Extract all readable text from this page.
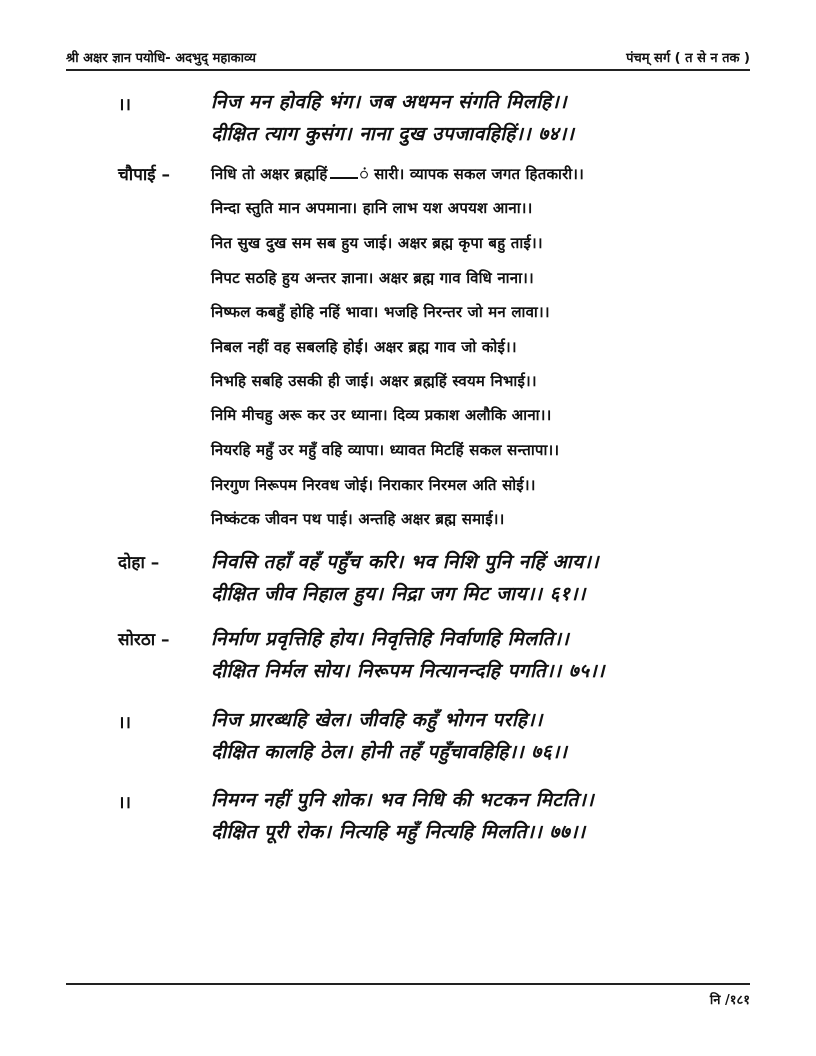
श्री अक्षर ज्ञान पयोधि- अदभुद् महाकाव्य	पंचम् सर्ग ( त से न तक )
।।	निज मन होवहि भंग। जब अधमन संगति मिलहि।।
दीक्षित त्याग कुसंग। नाना दुख उपजावहिहिं।। ७४।।
चौपाई –	निधि तो अक्षर ब्रह्महिं ं सारी। व्यापक सकल जगत हितकारी।।
निन्दा स्तुति मान अपमाना। हानि लाभ यश अपयश आना।।
नित सुख दुख सम सब हुय जाई। अक्षर ब्रह्म कृपा बहु ताई।।
निपट सठहि हुय अन्तर ज्ञाना। अक्षर ब्रह्म गाव विधि नाना।।
निष्फल कबहुँ होहि नहिं भावा। भजहि निरन्तर जो मन लावा।।
निबल नहीं वह सबलहि होई। अक्षर ब्रह्म गाव जो कोई।।
निभहि सबहि उसकी ही जाई। अक्षर ब्रह्महिं स्वयम निभाई।।
निमि मीचहु अरू कर उर ध्याना। दिव्य प्रकाश अलौकि आना।।
नियरहि महुँ उर महुँ वहि व्यापा। ध्यावत मिटहिं सकल सन्तापा।।
निरगुण निरूपम निरवध जोई। निराकार निरमल अति सोई।।
निष्कंटक जीवन पथ पाई। अन्तहि अक्षर ब्रह्म समाई।।
दोहा –	निवसि तहाँ वहँ पहुँच करि। भव निशि पुनि नहिं आय।।
दीक्षित जीव निहाल हुय। निद्रा जग मिट जाय।। ६१।।
सोरठा – निर्माण प्रवृत्तिहि होय। निवृत्तिहि निर्वाणहि मिलति।।
दीक्षित निर्मल सोय। निरूपम नित्यानन्दहि पगति।। ७५।।
।।	निज प्रारब्धहि खेल। जीवहि कहुँ भोगन परहि।।
दीक्षित कालहि ठेल। होनी तहँ पहुँचावहिहि।। ७६।।
।।	निमग्न नहीं पुनि शोक। भव निधि की भटकन मिटति।।
दीक्षित पूरी रोक। नित्यहि महुँ नित्यहि मिलति।। ७७।।
नि /१८१
